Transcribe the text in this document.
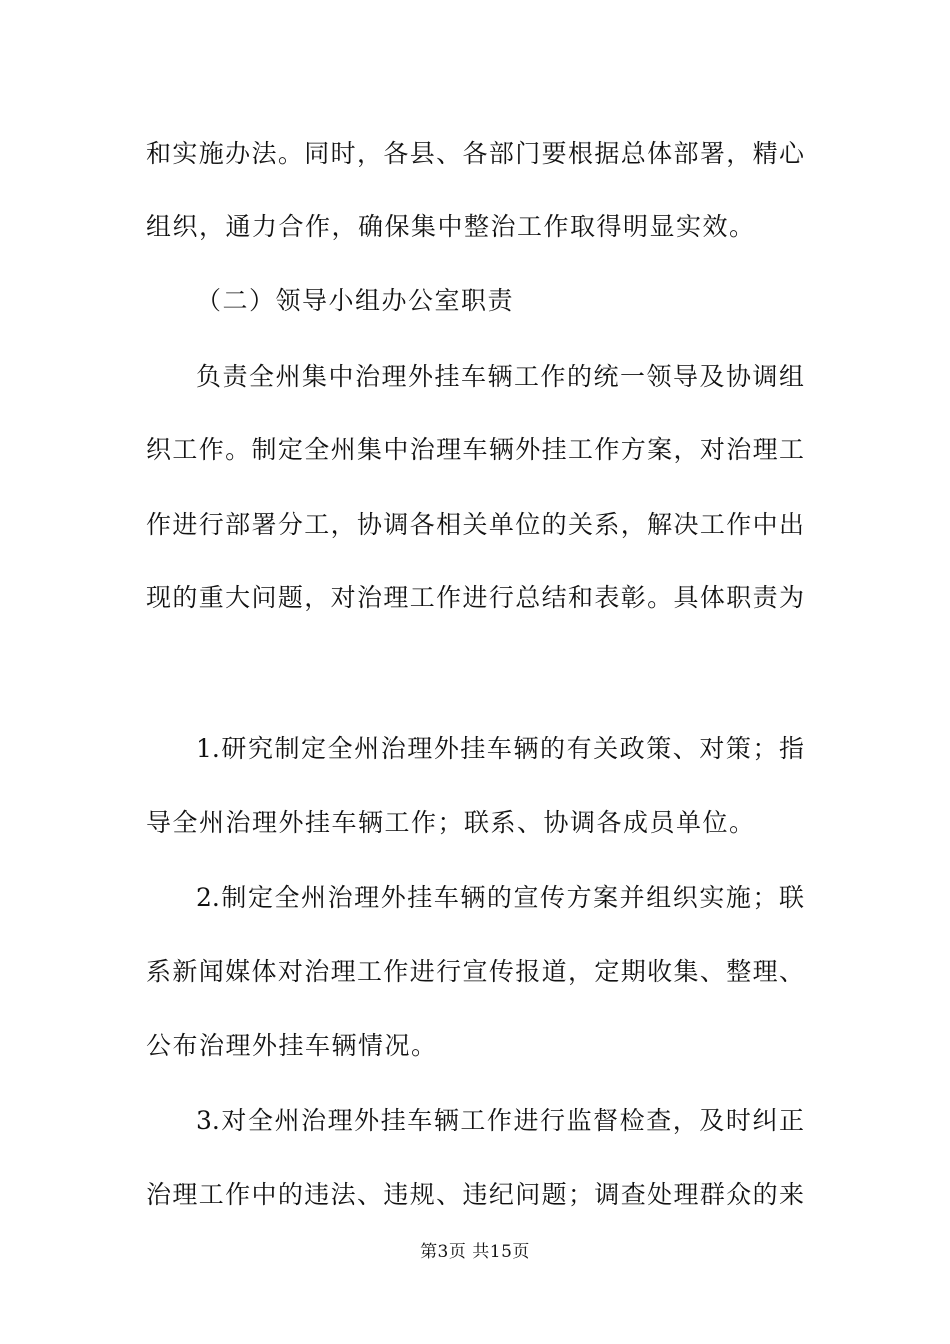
和实施办法。同时，各县、各部门要根据总体部署，精心
组织，通力合作，确保集中整治工作取得明显实效。
（二）领导小组办公室职责
负责全州集中治理外挂车辆工作的统一领导及协调组
织工作。制定全州集中治理车辆外挂工作方案，对治理工
作进行部署分工，协调各相关单位的关系，解决工作中出
现的重大问题，对治理工作进行总结和表彰。具体职责为
1.研究制定全州治理外挂车辆的有关政策、对策；指
导全州治理外挂车辆工作；联系、协调各成员单位。
2.制定全州治理外挂车辆的宣传方案并组织实施；联
系新闻媒体对治理工作进行宣传报道，定期收集、整理、
公布治理外挂车辆情况。
3.对全州治理外挂车辆工作进行监督检查，及时纠正
治理工作中的违法、违规、违纪问题；调查处理群众的来
第3页 共15页
